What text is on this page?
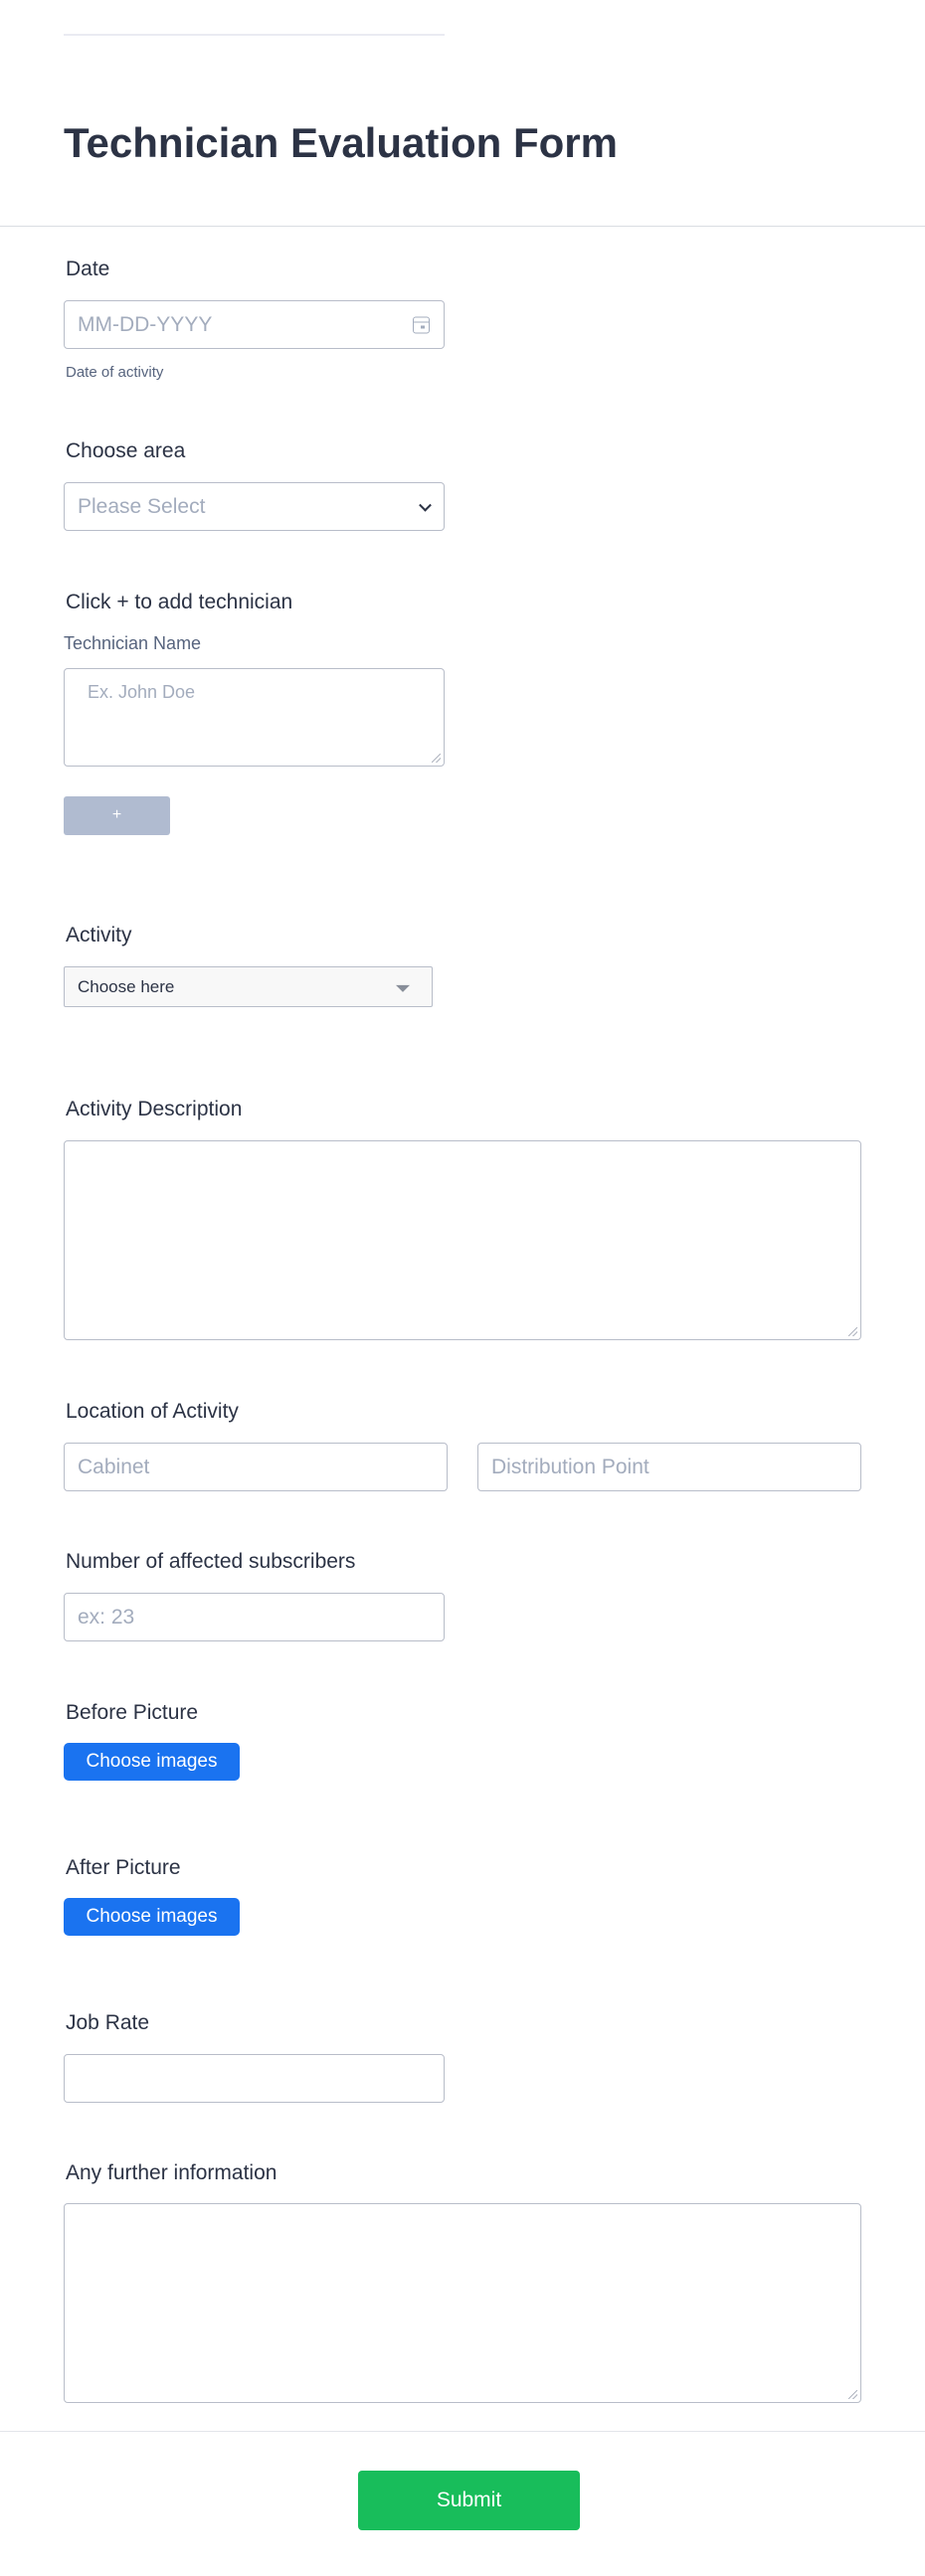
Technician Evaluation Form
Date
MM-DD-YYYY
Date of activity
Choose area
Please Select
Click + to add technician
Technician Name
Ex. John Doe
+
Activity
Choose here
Activity Description
Location of Activity
Cabinet	Distribution Point
Number of affected subscribers
ex: 23
Before Picture
Choose images
After Picture
Choose images
Job Rate
Any further information
Submit
